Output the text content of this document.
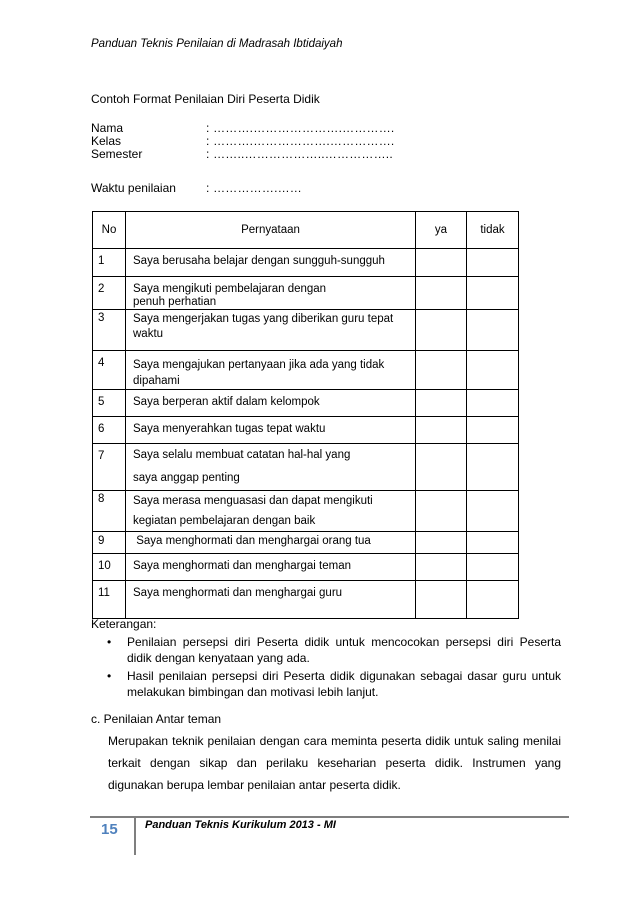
Panduan Teknis Penilaian di Madrasah Ibtidaiyah
Contoh Format Penilaian Diri Peserta Didik
Nama	: ……….………………….………….
Kelas	: ……….……………….…………….
Semester	: ……..………………..……………..
Waktu penilaian	: …………….……
No	Pernyataan	ya	tidak
1	Saya berusaha belajar dengan sungguh-sungguh		
2	Saya mengikuti pembelajaran dengan penuh perhatian		
3	Saya mengerjakan tugas yang diberikan guru tepat waktu		
4	Saya mengajukan pertanyaan jika ada yang tidak dipahami		
5	Saya berperan aktif dalam kelompok		
6	Saya menyerahkan tugas tepat waktu		
7	Saya selalu membuat catatan hal-hal yang saya anggap penting		
8	Saya merasa menguasasi dan dapat mengikuti kegiatan pembelajaran dengan baik		
9	Saya menghormati dan menghargai orang tua		
10	Saya menghormati dan menghargai teman		
11	Saya menghormati dan menghargai guru		
Keterangan:
• Penilaian persepsi diri Peserta didik untuk mencocokan persepsi diri Peserta didik dengan kenyataan yang ada.
• Hasil penilaian persepsi diri Peserta didik digunakan sebagai dasar guru untuk melakukan bimbingan dan motivasi lebih lanjut.
c. Penilaian Antar teman
Merupakan teknik penilaian dengan cara meminta peserta didik untuk saling menilai terkait dengan sikap dan perilaku keseharian peserta didik. Instrumen yang digunakan berupa lembar penilaian antar peserta didik.
15 Panduan Teknis Kurikulum 2013 - MI
